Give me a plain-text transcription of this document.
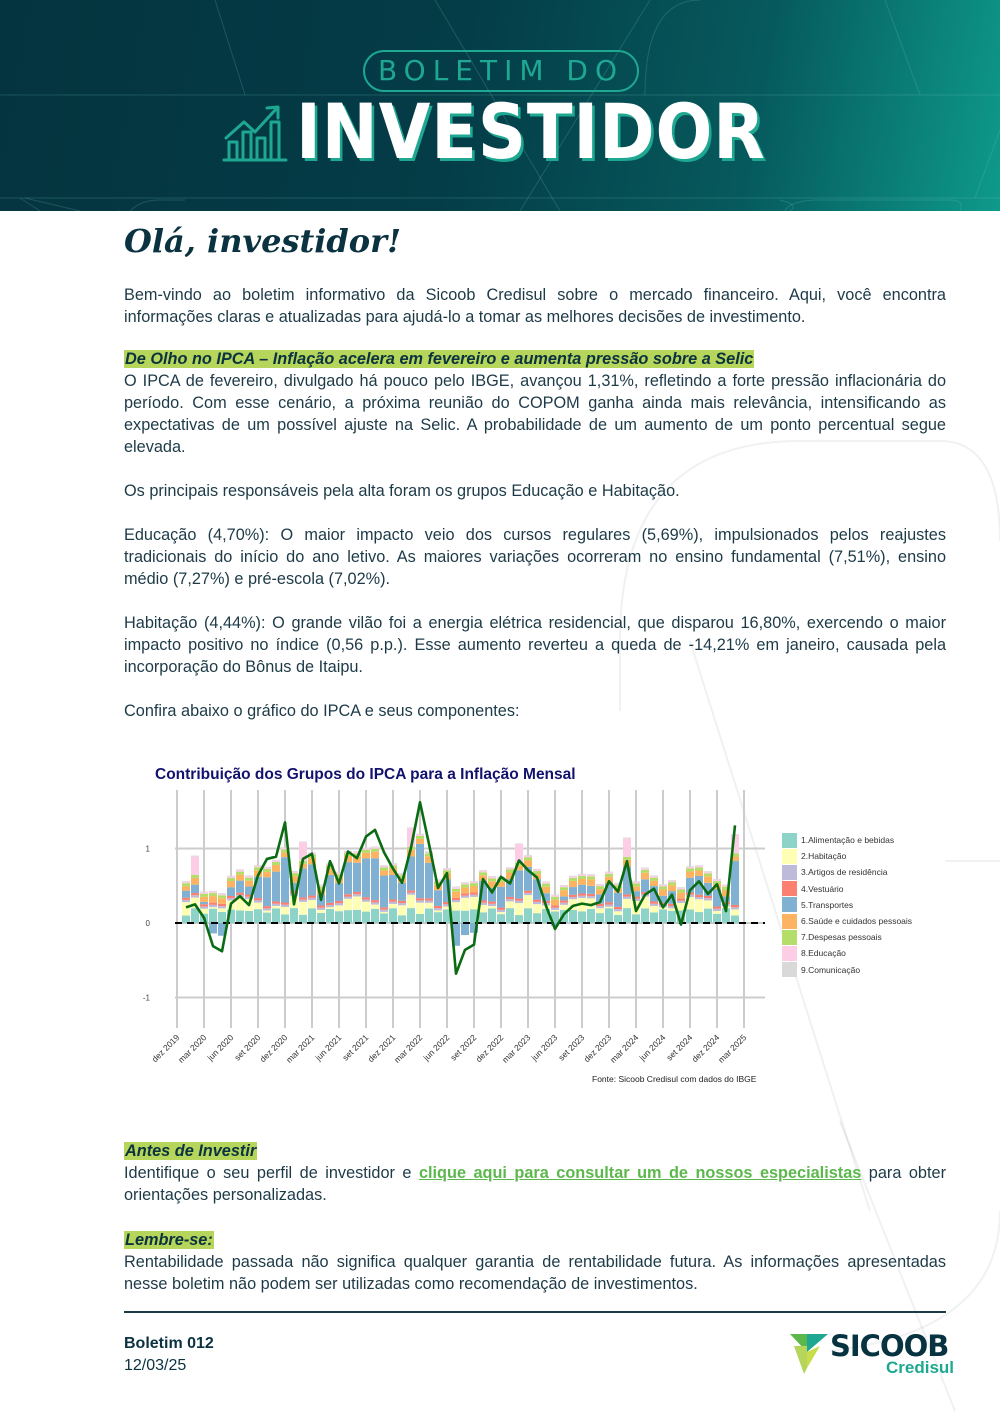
BOLETIM DO
INVESTIDOR
Olá, investidor!

Bem-vindo ao boletim informativo da Sicoob Credisul sobre o mercado financeiro. Aqui, você encontra informações claras e atualizadas para ajudá-lo a tomar as melhores decisões de investimento.

De Olho no IPCA – Inflação acelera em fevereiro e aumenta pressão sobre a Selic

O IPCA de fevereiro, divulgado há pouco pelo IBGE, avançou 1,31%, refletindo a forte pressão inflacionária do período. Com esse cenário, a próxima reunião do COPOM ganha ainda mais relevância, intensificando as expectativas de um possível ajuste na Selic. A probabilidade de um aumento de um ponto percentual segue elevada.

Os principais responsáveis pela alta foram os grupos Educação e Habitação.

Educação (4,70%): O maior impacto veio dos cursos regulares (5,69%), impulsionados pelos reajustes tradicionais do início do ano letivo. As maiores variações ocorreram no ensino fundamental (7,51%), ensino médio (7,27%) e pré-escola (7,02%).

Habitação (4,44%): O grande vilão foi a energia elétrica residencial, que disparou 16,80%, exercendo o maior impacto positivo no índice (0,56 p.p.). Esse aumento reverteu a queda de -14,21% em janeiro, causada pela incorporação do Bônus de Itaipu.

Confira abaixo o gráfico do IPCA e seus componentes:

Contribuição dos Grupos do IPCA para a Inflação Mensal
dez 2019
mar 2020
jun 2020
set 2020
dez 2020
mar 2021
jun 2021
set 2021
dez 2021
mar 2022
jun 2022
set 2022
dez 2022
mar 2023
jun 2023
set 2023
dez 2023
mar 2024
jun 2024
set 2024
dez 2024
mar 2025
1
0
-1
1.Alimentação e bebidas
2.Habitação
3.Artigos de residência
4.Vestuário
5.Transportes
6.Saúde e cuidados pessoais
7.Despesas pessoais
8.Educação
9.Comunicação
Fonte: Sicoob Credisul com dados do IBGE

Antes de Investir

Identifique o seu perfil de investidor e clique aqui para consultar um de nossos especialistas para obter orientações personalizadas.

Lembre-se:

Rentabilidade passada não significa qualquer garantia de rentabilidade futura. As informações apresentadas nesse boletim não podem ser utilizadas como recomendação de investimentos.

Boletim 012
12/03/25
SICOOB
Credisul
